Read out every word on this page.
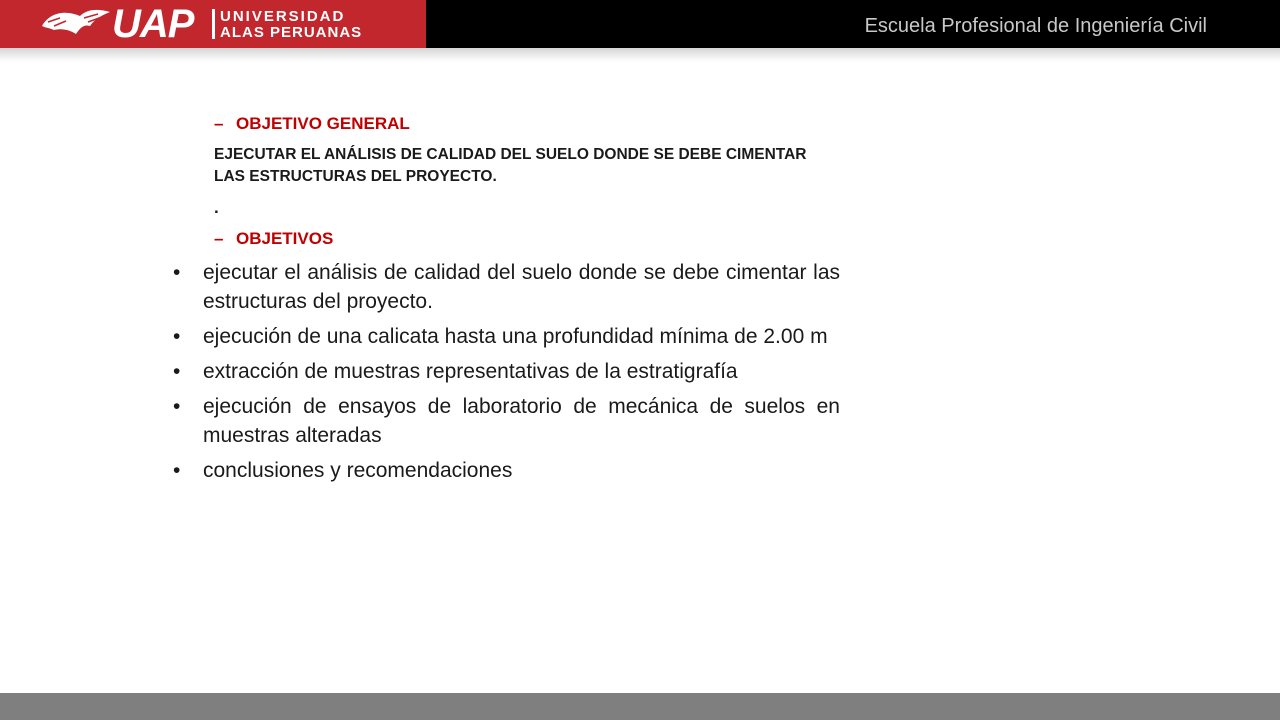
UAP UNIVERSIDAD
ALAS PERUANAS	Escuela Profesional de Ingeniería Civil
– OBJETIVO GENERAL
EJECUTAR EL ANÁLISIS DE CALIDAD DEL SUELO DONDE SE DEBE CIMENTAR LAS ESTRUCTURAS DEL PROYECTO.
.
– OBJETIVOS
• ejecutar el análisis de calidad del suelo donde se debe cimentar las estructuras del proyecto.
• ejecución de una calicata hasta una profundidad mínima de 2.00 m
• extracción de muestras representativas de la estratigrafía
• ejecución de ensayos de laboratorio de mecánica de suelos en muestras alteradas
• conclusiones y recomendaciones
